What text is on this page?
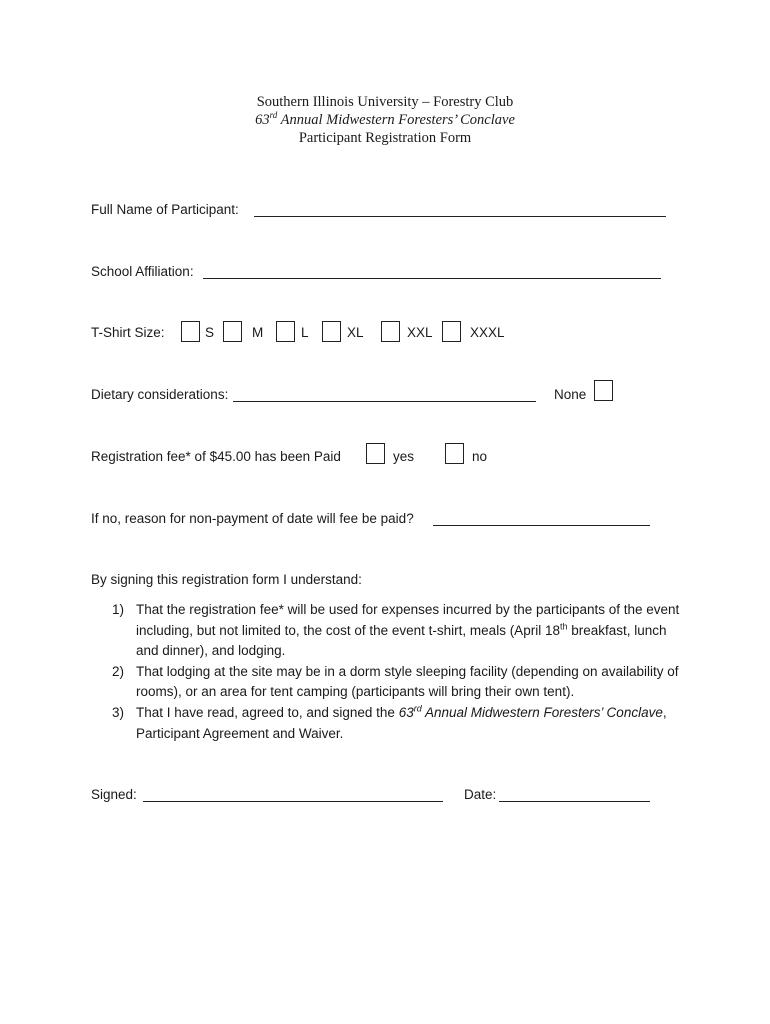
Southern Illinois University – Forestry Club
63rd Annual Midwestern Foresters’ Conclave
Participant Registration Form
Full Name of Participant:
School Affiliation:
T-Shirt Size:	S	M	L	XL	XXL	XXXL
Dietary considerations:	None
Registration fee* of $45.00 has been Paid	yes	no
If no, reason for non-payment of date will fee be paid?
By signing this registration form I understand:
1) That the registration fee* will be used for expenses incurred by the participants of the event including, but not limited to, the cost of the event t-shirt, meals (April 18th breakfast, lunch and dinner), and lodging.
2) That lodging at the site may be in a dorm style sleeping facility (depending on availability of rooms), or an area for tent camping (participants will bring their own tent).
3) That I have read, agreed to, and signed the 63rd Annual Midwestern Foresters’ Conclave, Participant Agreement and Waiver.
Signed:	Date:
